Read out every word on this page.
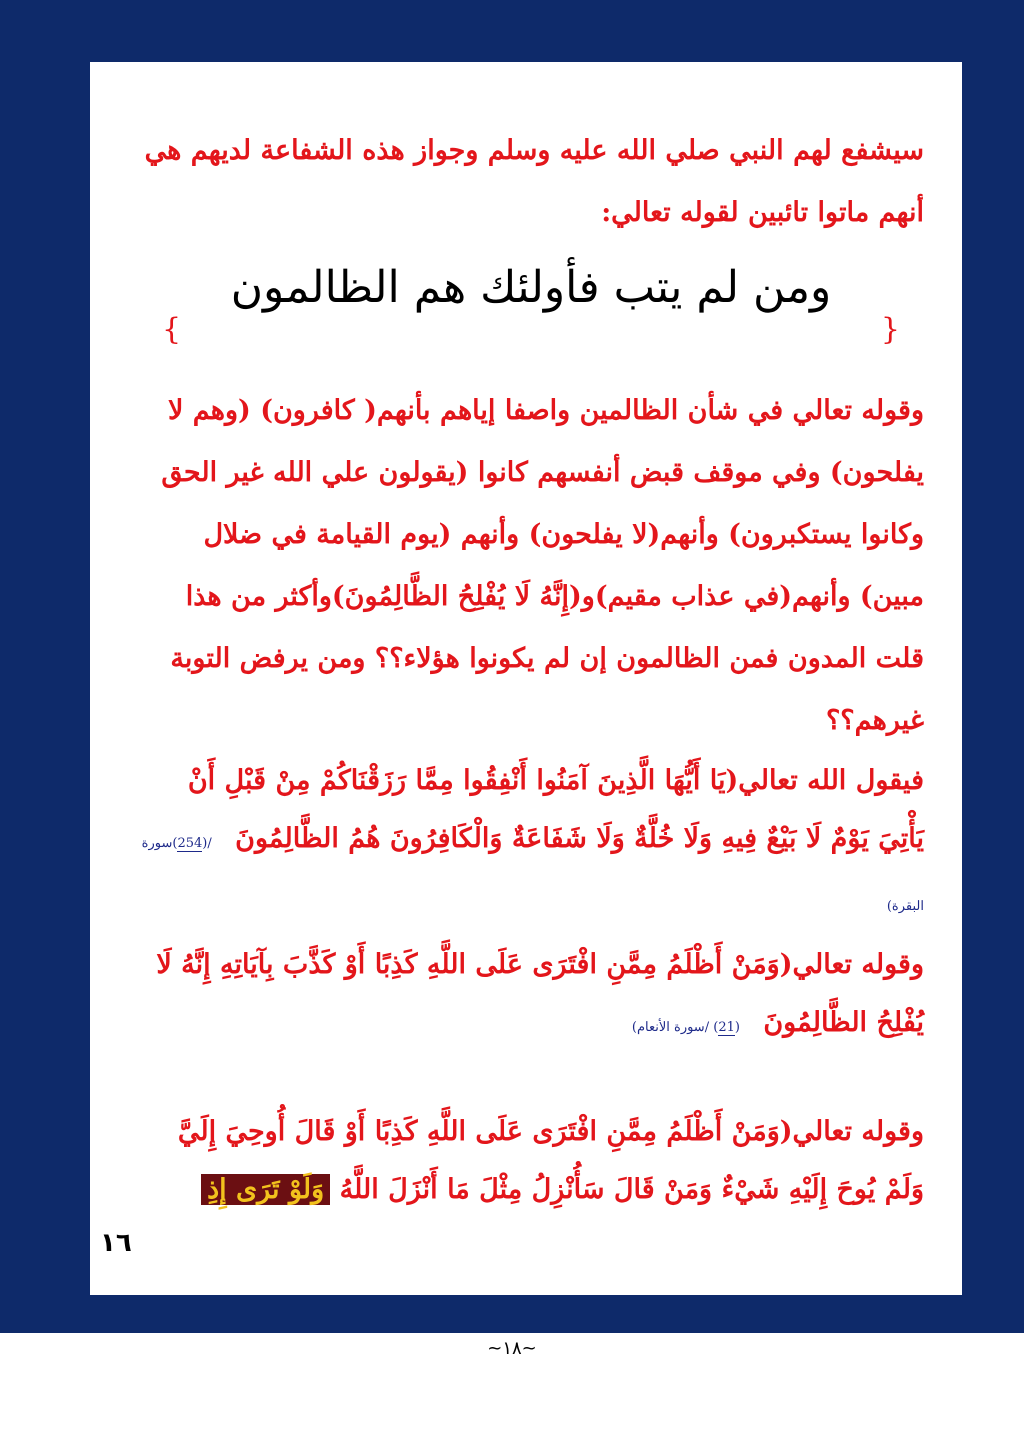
سيشفع لهم النبي صلي الله عليه وسلم وجواز هذه الشفاعة لديهم هي أنهم ماتوا تائبين لقوله تعالي:

ومن لم يتب فأولئك هم الظالمون
{
}

وقوله تعالي في شأن الظالمين واصفا إياهم بأنهم( كافرون) (وهم لا يفلحون) وفي موقف قبض أنفسهم كانوا (يقولون علي الله غير الحق وكانوا يستكبرون) وأنهم(لا يفلحون) وأنهم (يوم القيامة في ضلال مبين) وأنهم(في عذاب مقيم)و(إِنَّهُ لَا يُفْلِحُ الظَّالِمُونَ)وأكثر من هذا قلت المدون فمن الظالمون إن لم يكونوا هؤلاء؟؟ ومن يرفض التوبة غيرهم؟؟

فيقول الله تعالي(يَا أَيُّهَا الَّذِينَ آمَنُوا أَنْفِقُوا مِمَّا رَزَقْنَاكُمْ مِنْ قَبْلِ أَنْ يَأْتِيَ يَوْمٌ لَا بَيْعٌ فِيهِ وَلَا خُلَّةٌ وَلَا شَفَاعَةٌ وَالْكَافِرُونَ هُمُ الظَّالِمُونَ /(254)سورة البقرة)

وقوله تعالي(وَمَنْ أَظْلَمُ مِمَّنِ افْتَرَى عَلَى اللَّهِ كَذِبًا أَوْ كَذَّبَ بِآيَاتِهِ إِنَّهُ لَا يُفْلِحُ الظَّالِمُونَ (21) /سورة الأنعام)

وقوله تعالي(وَمَنْ أَظْلَمُ مِمَّنِ افْتَرَى عَلَى اللَّهِ كَذِبًا أَوْ قَالَ أُوحِيَ إِلَيَّ وَلَمْ يُوحَ إِلَيْهِ شَيْءٌ وَمَنْ قَالَ سَأُنْزِلُ مِثْلَ مَا أَنْزَلَ اللَّهُ وَلَوْ تَرَى إِذِ

١٦
~١٨~
